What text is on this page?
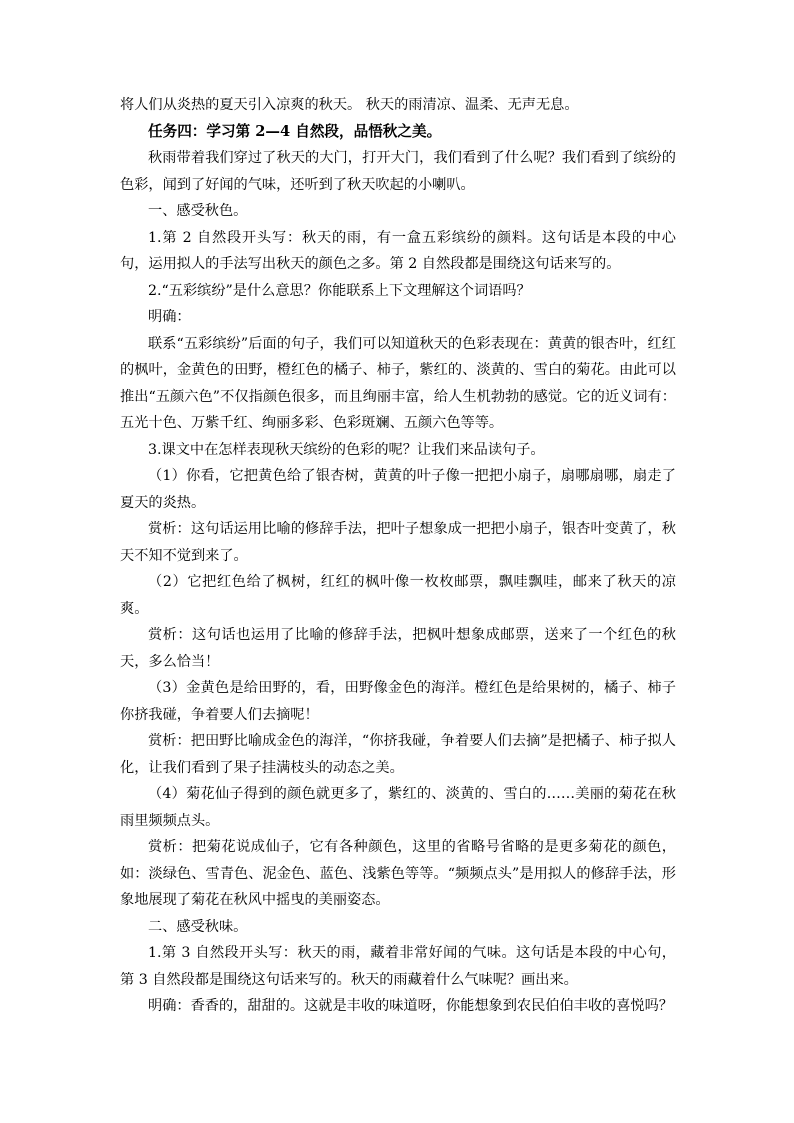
将人们从炎热的夏天引入凉爽的秋天。 秋天的雨清凉、温柔、无声无息。

任务四：学习第 2—4 自然段，品悟秋之美。

秋雨带着我们穿过了秋天的大门，打开大门，我们看到了什么呢？我们看到了缤纷的色彩，闻到了好闻的气味，还听到了秋天吹起的小喇叭。

一、感受秋色。

1.第 2 自然段开头写：秋天的雨，有一盒五彩缤纷的颜料。这句话是本段的中心句，运用拟人的手法写出秋天的颜色之多。第 2 自然段都是围绕这句话来写的。

2.“五彩缤纷”是什么意思？你能联系上下文理解这个词语吗？

明确：

联系“五彩缤纷”后面的句子，我们可以知道秋天的色彩表现在：黄黄的银杏叶，红红的枫叶，金黄色的田野，橙红色的橘子、柿子，紫红的、淡黄的、雪白的菊花。由此可以推出“五颜六色”不仅指颜色很多，而且绚丽丰富，给人生机勃勃的感觉。它的近义词有：五光十色、万紫千红、绚丽多彩、色彩斑斓、五颜六色等等。

3.课文中在怎样表现秋天缤纷的色彩的呢？让我们来品读句子。

（1）你看，它把黄色给了银杏树，黄黄的叶子像一把把小扇子，扇哪扇哪，扇走了夏天的炎热。

赏析：这句话运用比喻的修辞手法，把叶子想象成一把把小扇子，银杏叶变黄了，秋天不知不觉到来了。

（2）它把红色给了枫树，红红的枫叶像一枚枚邮票，飘哇飘哇，邮来了秋天的凉爽。

赏析：这句话也运用了比喻的修辞手法，把枫叶想象成邮票，送来了一个红色的秋天，多么恰当！

（3）金黄色是给田野的，看，田野像金色的海洋。橙红色是给果树的，橘子、柿子你挤我碰，争着要人们去摘呢！

赏析：把田野比喻成金色的海洋，“你挤我碰，争着要人们去摘”是把橘子、柿子拟人化，让我们看到了果子挂满枝头的动态之美。

（4）菊花仙子得到的颜色就更多了，紫红的、淡黄的、雪白的……美丽的菊花在秋雨里频频点头。

赏析：把菊花说成仙子，它有各种颜色，这里的省略号省略的是更多菊花的颜色，如：淡绿色、雪青色、泥金色、蓝色、浅紫色等等。“频频点头”是用拟人的修辞手法，形象地展现了菊花在秋风中摇曳的美丽姿态。

二、感受秋味。

1.第 3 自然段开头写：秋天的雨，藏着非常好闻的气味。这句话是本段的中心句，第 3 自然段都是围绕这句话来写的。秋天的雨藏着什么气味呢？画出来。

明确：香香的，甜甜的。这就是丰收的味道呀，你能想象到农民伯伯丰收的喜悦吗？
